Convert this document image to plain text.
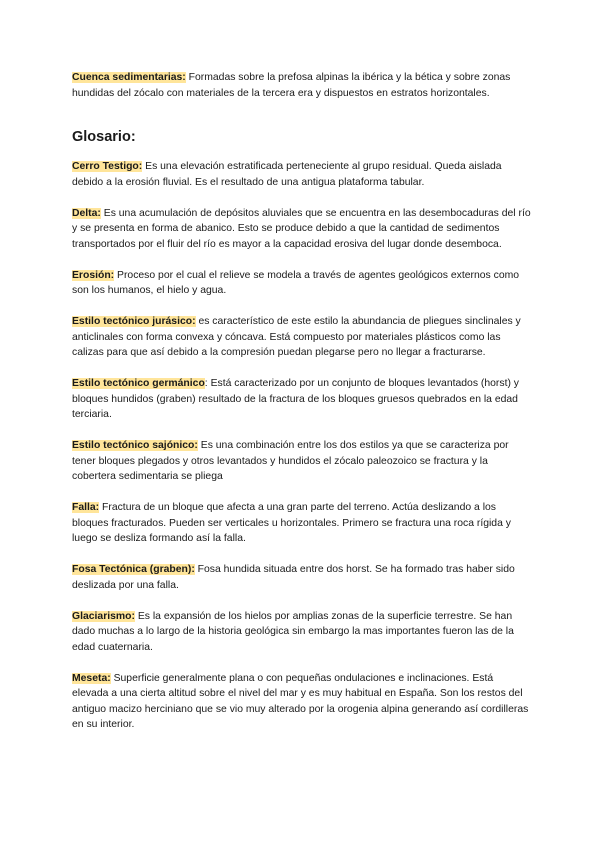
Cuenca sedimentarias: Formadas sobre la prefosa alpinas la ibérica y la bética y sobre zonas hundidas del zócalo con materiales de la tercera era y dispuestos en estratos horizontales.

Glosario:

Cerro Testigo: Es una elevación estratificada perteneciente al grupo residual. Queda aislada debido a la erosión fluvial. Es el resultado de una antigua plataforma tabular.

Delta: Es una acumulación de depósitos aluviales que se encuentra en las desembocaduras del río y se presenta en forma de abanico. Esto se produce debido a que la cantidad de sedimentos transportados por el fluir del río es mayor a la capacidad erosiva del lugar donde desemboca.

Erosión: Proceso por el cual el relieve se modela a través de agentes geológicos externos como son los humanos, el hielo y agua.

Estilo tectónico jurásico: es característico de este estilo la abundancia de pliegues sinclinales y anticlinales con forma convexa y cóncava. Está compuesto por materiales plásticos como las calizas para que así debido a la compresión puedan plegarse pero no llegar a fracturarse.

Estilo tectónico germánico: Está caracterizado por un conjunto de bloques levantados (horst) y bloques hundidos (graben) resultado de la fractura de los bloques gruesos quebrados en la edad terciaria.

Estilo tectónico sajónico: Es una combinación entre los dos estilos ya que se caracteriza por tener bloques plegados y otros levantados y hundidos el zócalo paleozoico se fractura y la cobertera sedimentaria se pliega

Falla: Fractura de un bloque que afecta a una gran parte del terreno. Actúa deslizando a los bloques fracturados. Pueden ser verticales u horizontales. Primero se fractura una roca rígida y luego se desliza formando así la falla.

Fosa Tectónica (graben): Fosa hundida situada entre dos horst. Se ha formado tras haber sido deslizada por una falla.

Glaciarismo: Es la expansión de los hielos por amplias zonas de la superficie terrestre. Se han dado muchas a lo largo de la historia geológica sin embargo la mas importantes fueron las de la edad cuaternaria.

Meseta: Superficie generalmente plana o con pequeñas ondulaciones e inclinaciones. Está elevada a una cierta altitud sobre el nivel del mar y es muy habitual en España. Son los restos del antiguo macizo herciniano que se vio muy alterado por la orogenia alpina generando así cordilleras en su interior.
